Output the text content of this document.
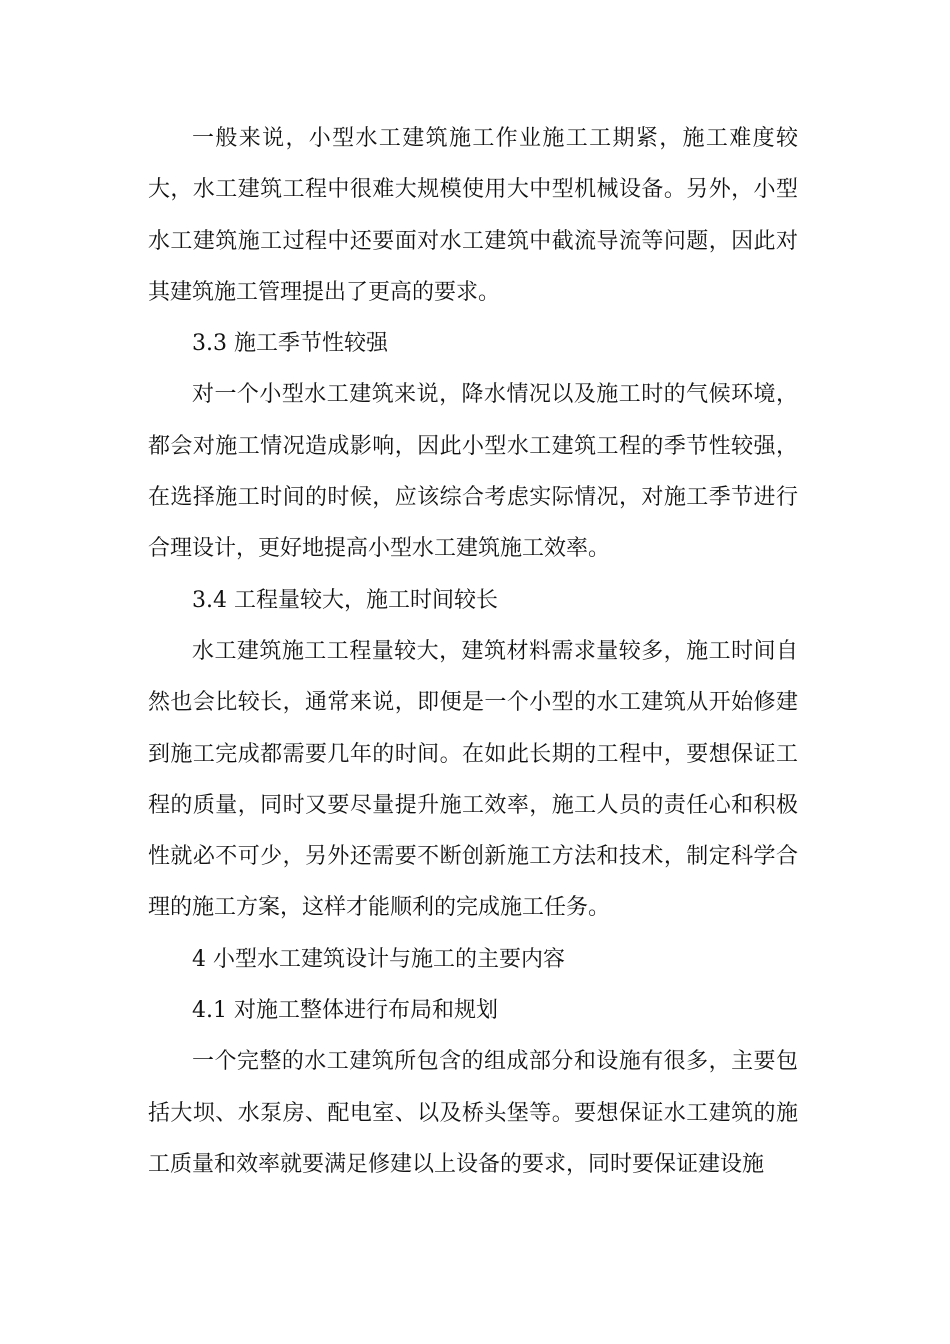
一般来说，小型水工建筑施工作业施工工期紧，施工难度较大，水工建筑工程中很难大规模使用大中型机械设备。另外，小型水工建筑施工过程中还要面对水工建筑中截流导流等问题，因此对其建筑施工管理提出了更高的要求。

3.3 施工季节性较强

对一个小型水工建筑来说，降水情况以及施工时的气候环境，都会对施工情况造成影响，因此小型水工建筑工程的季节性较强，在选择施工时间的时候，应该综合考虑实际情况，对施工季节进行合理设计，更好地提高小型水工建筑施工效率。

3.4 工程量较大，施工时间较长

水工建筑施工工程量较大，建筑材料需求量较多，施工时间自然也会比较长，通常来说，即便是一个小型的水工建筑从开始修建到施工完成都需要几年的时间。在如此长期的工程中，要想保证工程的质量，同时又要尽量提升施工效率，施工人员的责任心和积极性就必不可少，另外还需要不断创新施工方法和技术，制定科学合理的施工方案，这样才能顺利的完成施工任务。

4 小型水工建筑设计与施工的主要内容

4.1 对施工整体进行布局和规划

一个完整的水工建筑所包含的组成部分和设施有很多，主要包括大坝、水泵房、配电室、以及桥头堡等。要想保证水工建筑的施工质量和效率就要满足修建以上设备的要求，同时要保证建设施
